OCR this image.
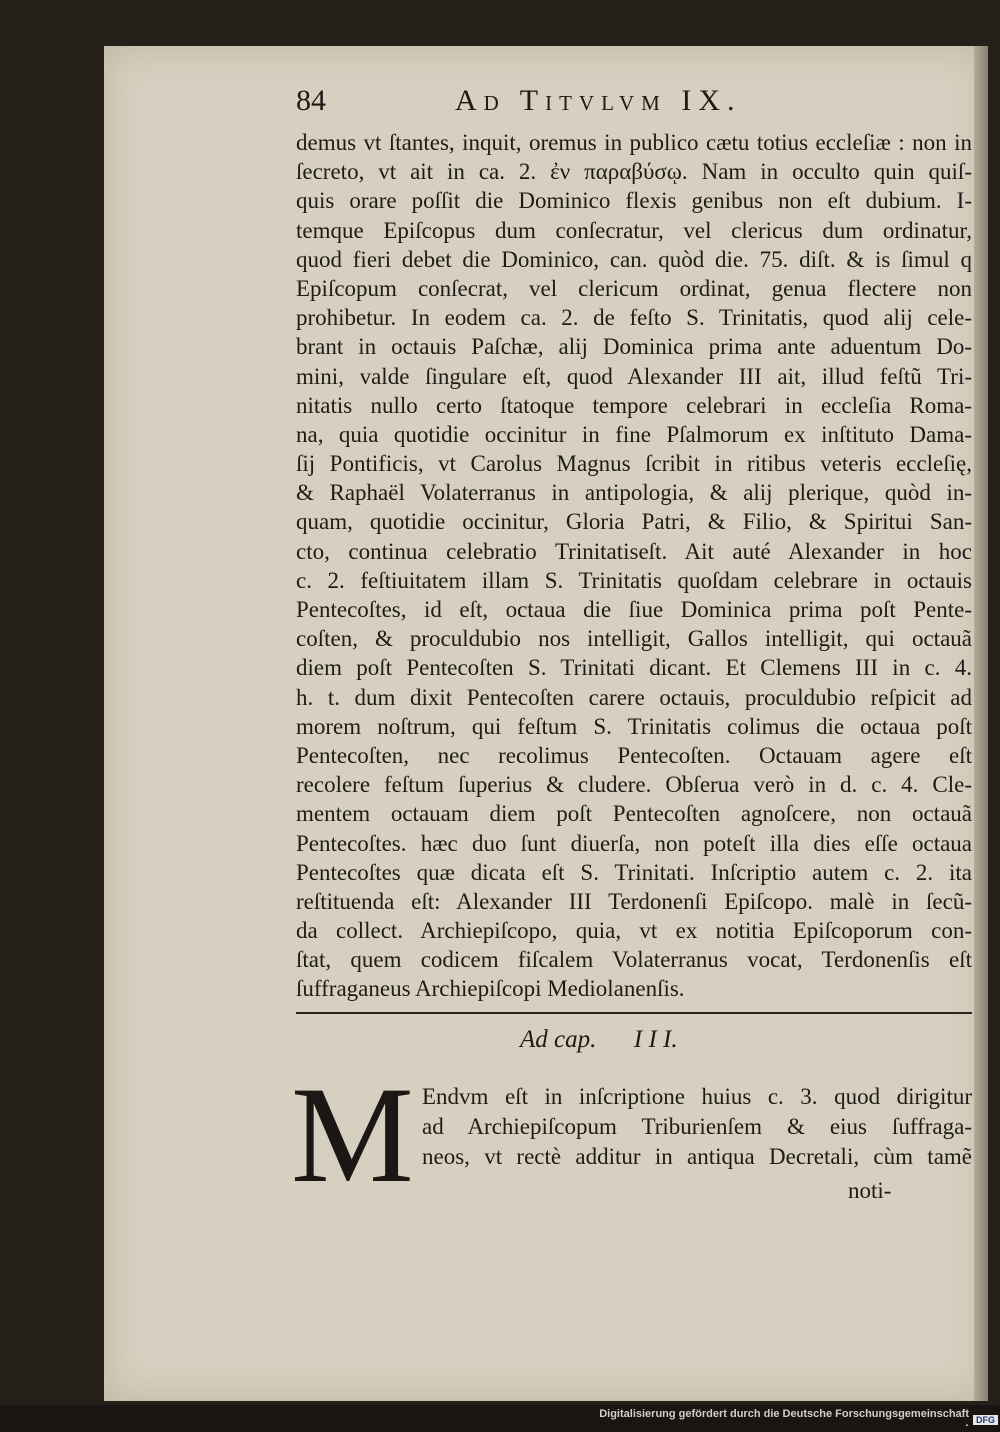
84	Ad Titvlvm IX.
demus vt ſtantes, inquit, oremus in publico cætu totius eccleſiæ : non in
ſecreto, vt ait in ca. 2. ἐν παραβύσῳ. Nam in occulto quin quiſ-
quis orare poſſit die Dominico flexis genibus non eſt dubium. I-
temque Epiſcopus dum conſecratur, vel clericus dum ordinatur,
quod fieri debet die Dominico, can. quòd die. 75. diſt. & is ſimul q
Epiſcopum conſecrat, vel clericum ordinat, genua flectere non
prohibetur. In eodem ca. 2. de feſto S. Trinitatis, quod alij cele-
brant in octauis Paſchæ, alij Dominica prima ante aduentum Do-
mini, valde ſingulare eſt, quod Alexander III ait, illud feſtũ Tri-
nitatis nullo certo ſtatoque tempore celebrari in eccleſia Roma-
na, quia quotidie occinitur in fine Pſalmorum ex inſtituto Dama-
ſij Pontificis, vt Carolus Magnus ſcribit in ritibus veteris eccleſię,
& Raphaël Volaterranus in antipologia, & alij plerique, quòd in-
quam, quotidie occinitur, Gloria Patri, & Filio, & Spiritui San-
cto, continua celebratio Trinitatiseſt. Ait auté Alexander in hoc
c. 2. feſtiuitatem illam S. Trinitatis quoſdam celebrare in octauis
Pentecoſtes, id eſt, octaua die ſiue Dominica prima poſt Pente-
coſten, & proculdubio nos intelligit, Gallos intelligit, qui octauã
diem poſt Pentecoſten S. Trinitati dicant. Et Clemens III in c. 4.
h. t. dum dixit Pentecoſten carere octauis, proculdubio reſpicit ad
morem noſtrum, qui feſtum S. Trinitatis colimus die octaua poſt
Pentecoſten, nec recolimus Pentecoſten. Octauam agere eſt
recolere feſtum ſuperius & cludere. Obſerua verò in d. c. 4. Cle-
mentem octauam diem poſt Pentecoſten agnoſcere, non octauã
Pentecoſtes. hæc duo ſunt diuerſa, non poteſt illa dies eſſe octaua
Pentecoſtes quæ dicata eſt S. Trinitati. Inſcriptio autem c. 2. ita
reſtituenda eſt: Alexander III Terdonenſi Epiſcopo. malè in ſecũ-
da collect. Archiepiſcopo, quia, vt ex notitia Epiſcoporum con-
ſtat, quem codicem fiſcalem Volaterranus vocat, Terdonenſis eſt
ſuffraganeus Archiepiſcopi Mediolanenſis.
Ad cap.      I I I.
M Endvm eſt in inſcriptione huius c. 3. quod dirigitur
ad Archiepiſcopum Triburienſem & eius ſuffraga-
neos, vt rectè additur in antiqua Decretali, cùm tamẽ
noti-
Digitalisierung gefördert durch die Deutsche Forschungsgemeinschaft · DFG
